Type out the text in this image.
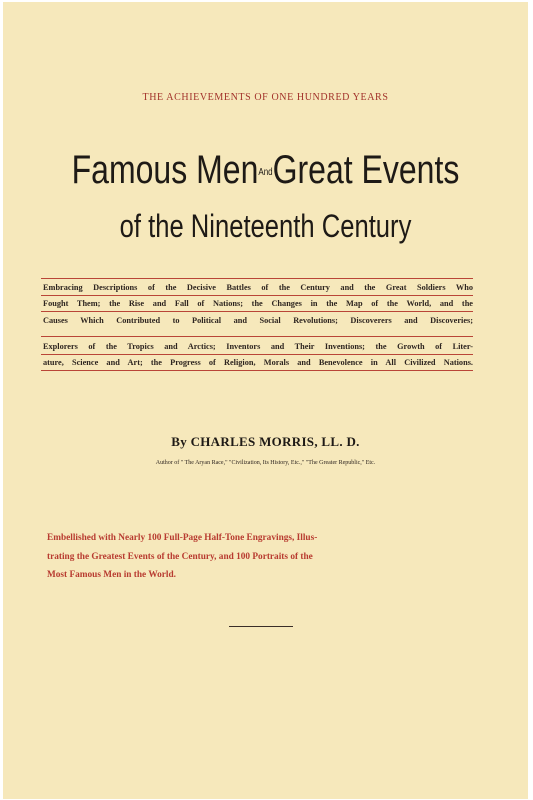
THE ACHIEVEMENTS OF ONE HUNDRED YEARS
Famous MenAndGreat Events
of the Nineteenth Century
Embracing Descriptions of the Decisive Battles of the Century and the Great Soldiers Who
Fought Them; the Rise and Fall of Nations; the Changes in the Map of the World, and the
Causes Which Contributed to Political and Social Revolutions; Discoverers and Discoveries;
Explorers of the Tropics and Arctics; Inventors and Their Inventions; the Growth of Liter-
ature, Science and Art; the Progress of Religion, Morals and Benevolence in All Civilized Nations.
By CHARLES MORRIS, LL. D.
Author of " The Aryan Race," "Civilization, Its History, Etc.," "The Greater Republic," Etc.
Embellished with Nearly 100 Full-Page Half-Tone Engravings, Illus-
trating the Greatest Events of the Century, and 100 Portraits of the
Most Famous Men in the World.
